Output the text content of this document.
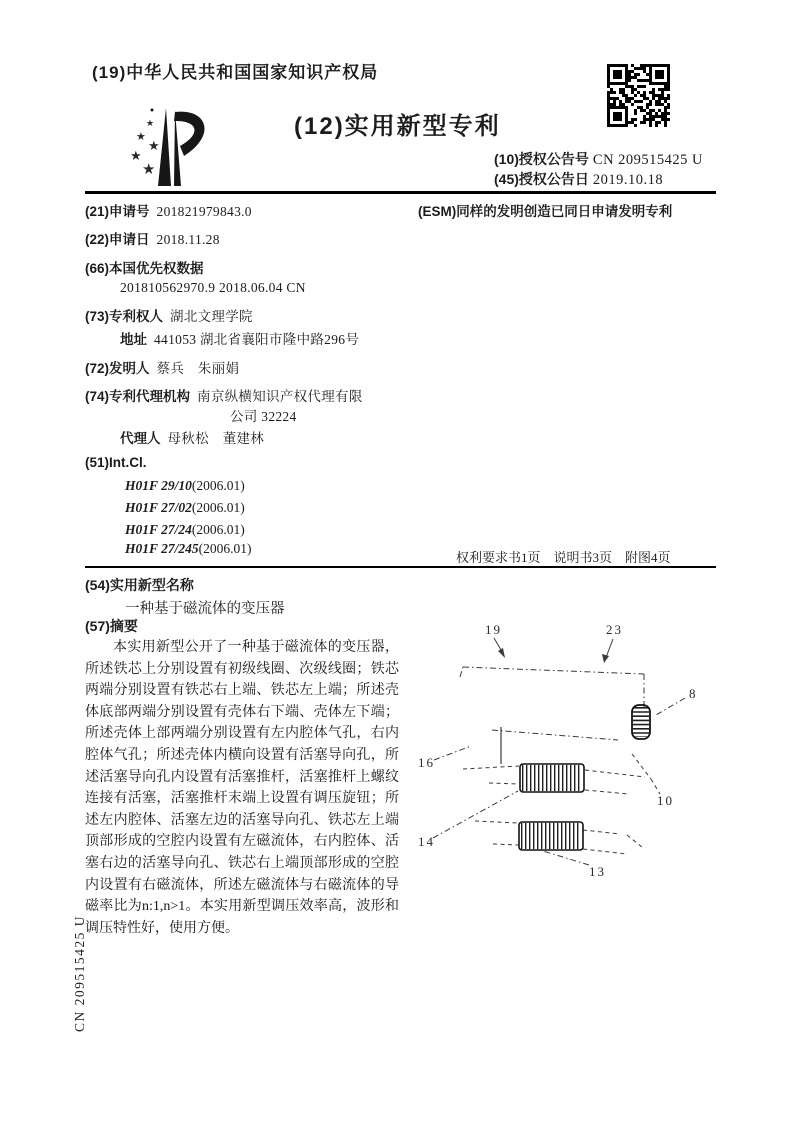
(19)中华人民共和国国家知识产权局
★
★
★
★
★
(12)实用新型专利
(10)授权公告号 CN 209515425 U
(45)授权公告日 2019.10.18
(ESM)同样的发明创造已同日申请发明专利
(21)申请号 201821979843.0
(22)申请日 2018.11.28
(66)本国优先权数据
201810562970.9 2018.06.04 CN
(73)专利权人 湖北文理学院
地址 441053 湖北省襄阳市隆中路296号
(72)发明人 蔡兵　朱丽娟
(74)专利代理机构 南京纵横知识产权代理有限
公司 32224
代理人 母秋松　董建林
(51)Int.Cl.
H01F 29/10(2006.01)
H01F 27/02(2006.01)
H01F 27/24(2006.01)
H01F 27/245(2006.01)
权利要求书1页　说明书3页　附图4页
(54)实用新型名称
一种基于磁流体的变压器
(57)摘要
本实用新型公开了一种基于磁流体的变压器，所述铁芯上分别设置有初级线圈、次级线圈；铁芯两端分别设置有铁芯右上端、铁芯左上端；所述壳体底部两端分别设置有壳体右下端、壳体左下端；所述壳体上部两端分别设置有左内腔体气孔，右内腔体气孔；所述壳体内横向设置有活塞导向孔，所述活塞导向孔内设置有活塞推杆，活塞推杆上螺纹连接有活塞，活塞推杆末端上设置有调压旋钮；所述左内腔体、活塞左边的活塞导向孔、铁芯左上端顶部形成的空腔内设置有左磁流体，右内腔体、活塞右边的活塞导向孔、铁芯右上端顶部形成的空腔内设置有右磁流体，所述左磁流体与右磁流体的导磁率比为n:1,n>1。本实用新型调压效率高，波形和调压特性好，使用方便。
19	23
8
16
10
14
13
CN 209515425 U
